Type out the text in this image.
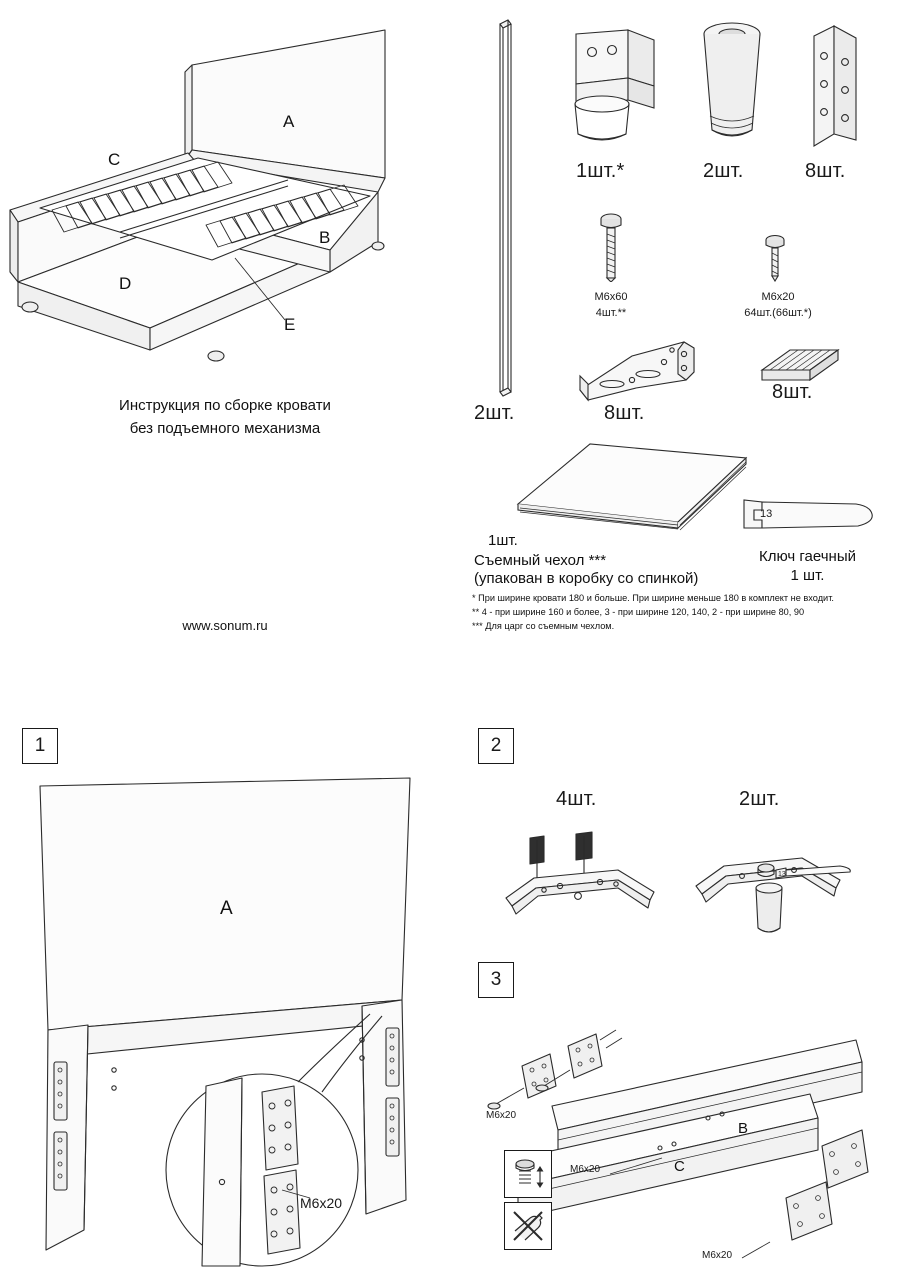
A
B
C
D
E
Инструкция по сборке кровати
без подъемного механизма
www.sonum.ru
1шт.*	2шт.	8шт.
M6x60
4шт.**
M6x20
64шт.(66шт.*)
8шт.
8шт.
2шт.
1шт.
Съемный чехол ***
(упакован в коробку со спинкой)
13
Ключ гаечный
1 шт.
* При ширине кровати 180 и больше. При ширине меньше 180 в комплект не входит.
** 4 - при ширине 160 и более, 3 - при ширине 120, 140, 2 - при ширине 80, 90
*** Для царг со съемным чехлом.
1
A
M6x20
2
4шт.	2шт.
13
3
B
C
M6x20
M6x20
M6x20
